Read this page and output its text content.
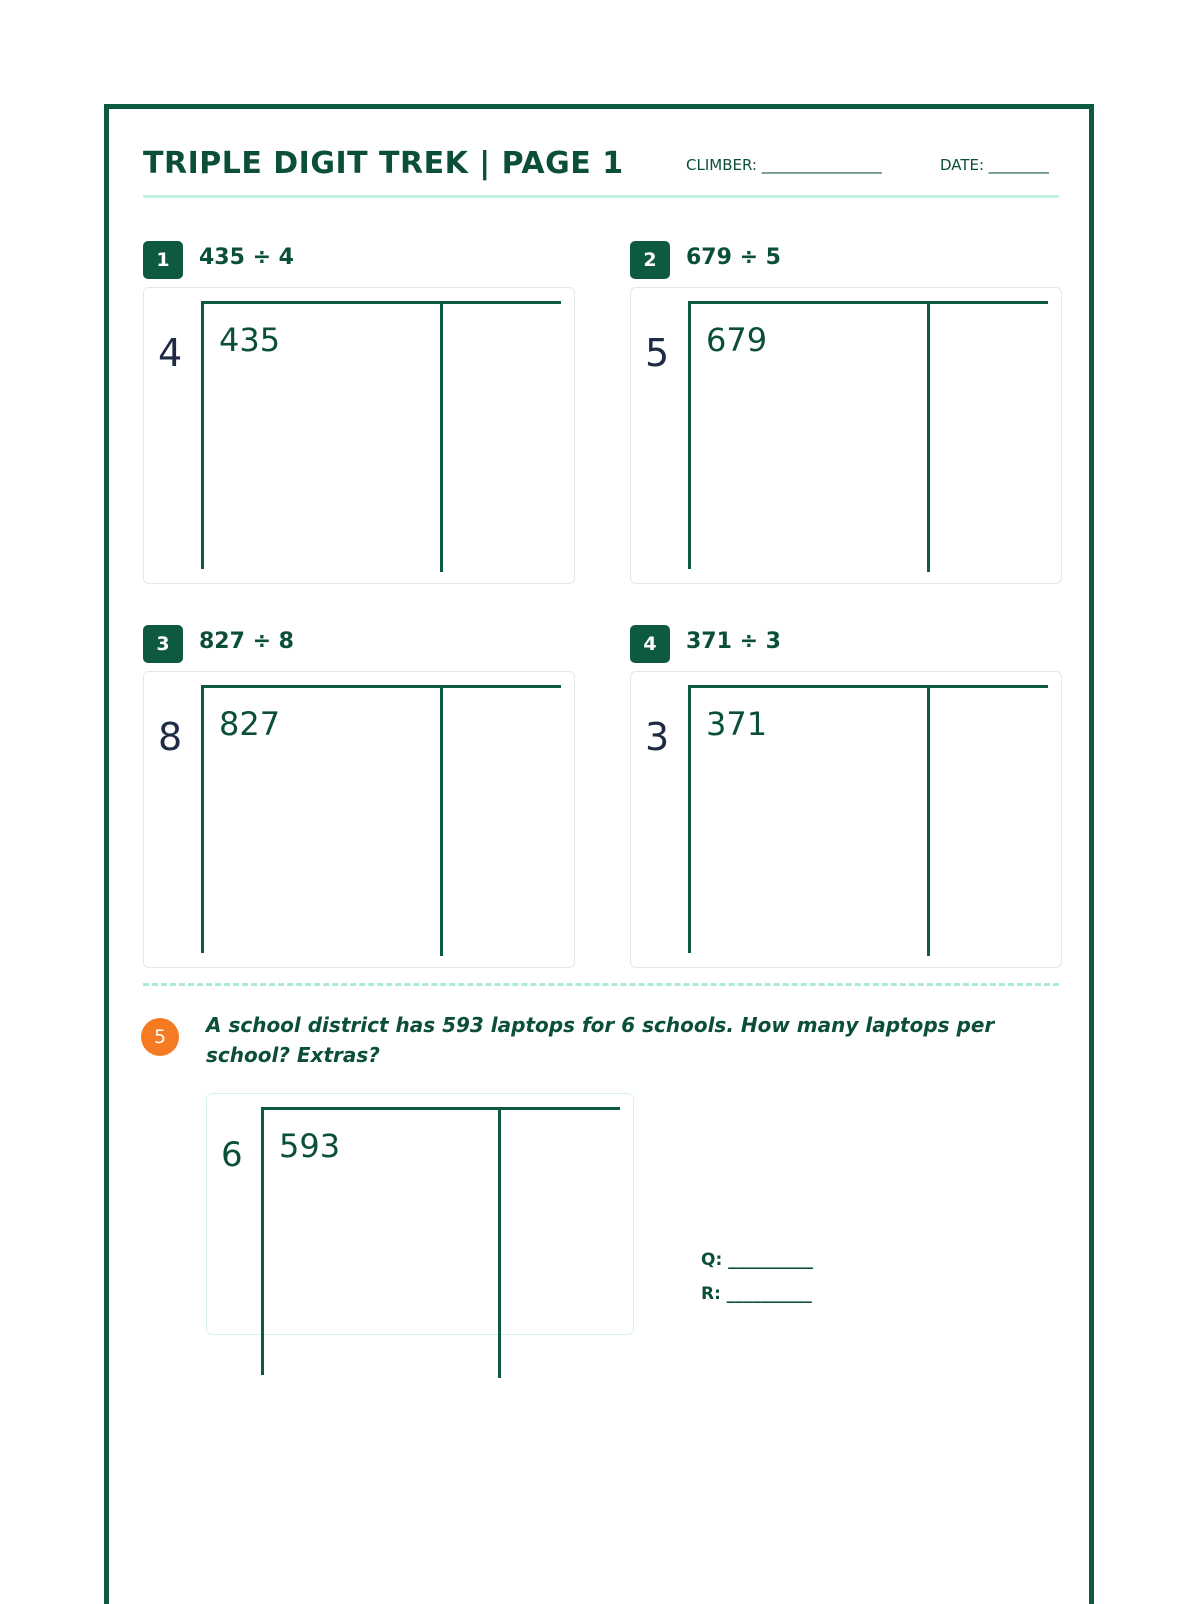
TRIPLE DIGIT TREK | PAGE 1	CLIMBER: ________________	DATE: ________
1	435 ÷ 4
4 435
2	679 ÷ 5
5 679
3	827 ÷ 8
8 827
4	371 ÷ 3
3 371
5	A school district has 593 laptops for 6 schools. How many laptops per school? Extras?
6 593
Q: __________
R: __________
